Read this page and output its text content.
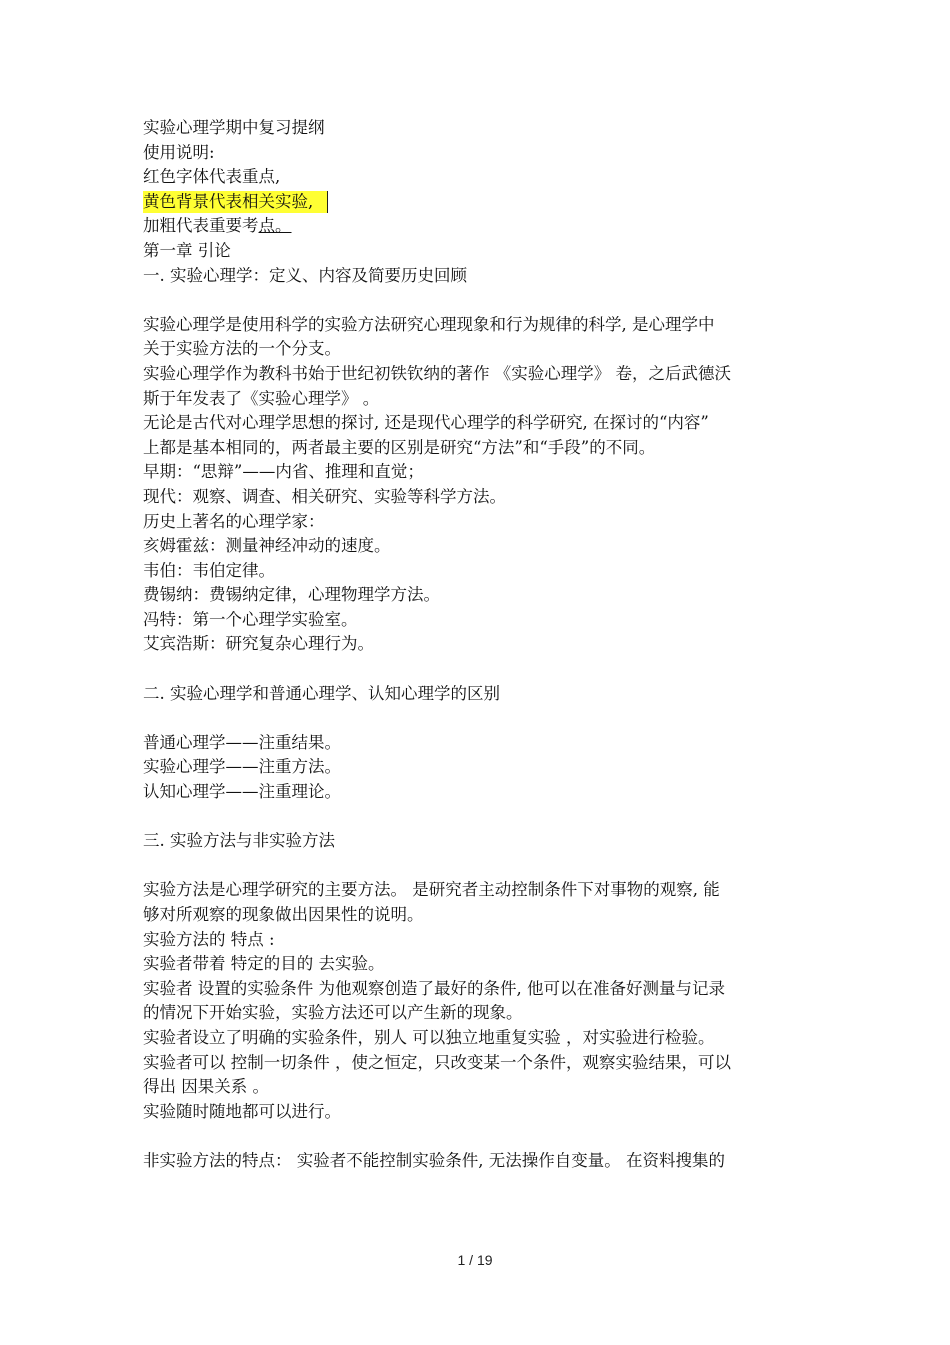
实验心理学期中复习提纲
使用说明:
红色字体代表重点,
黄色背景代表相关实验,
加粗代表重要考点。
第一章 引论
一. 实验心理学：定义、内容及简要历史回顾
实验心理学是使用科学的实验方法研究心理现象和行为规律的科学, 是心理学中
关于实验方法的一个分支。
实验心理学作为教科书始于世纪初铁钦纳的著作 《实验心理学》 卷，之后武德沃
斯于年发表了《实验心理学》 。
无论是古代对心理学思想的探讨, 还是现代心理学的科学研究, 在探讨的“内容”
上都是基本相同的，两者最主要的区别是研究“方法”和“手段”的不同。
早期：“思辩”——内省、推理和直觉；
现代：观察、调查、相关研究、实验等科学方法。
历史上著名的心理学家：
亥姆霍兹：测量神经冲动的速度。
韦伯：韦伯定律。
费锡纳：费锡纳定律，心理物理学方法。
冯特：第一个心理学实验室。
艾宾浩斯：研究复杂心理行为。
二. 实验心理学和普通心理学、认知心理学的区别
普通心理学——注重结果。
实验心理学——注重方法。
认知心理学——注重理论。
三. 实验方法与非实验方法
实验方法是心理学研究的主要方法。 是研究者主动控制条件下对事物的观察, 能
够对所观察的现象做出因果性的说明。
实验方法的 特点 :
实验者带着 特定的目的 去实验。
实验者 设置的实验条件 为他观察创造了最好的条件, 他可以在准备好测量与记录
的情况下开始实验，实验方法还可以产生新的现象。
实验者设立了明确的实验条件，别人 可以独立地重复实验 ，对实验进行检验。
实验者可以 控制一切条件 ，使之恒定，只改变某一个条件，观察实验结果，可以
得出 因果关系 。
实验随时随地都可以进行。
非实验方法的特点： 实验者不能控制实验条件, 无法操作自变量。 在资料搜集的
1 / 19
